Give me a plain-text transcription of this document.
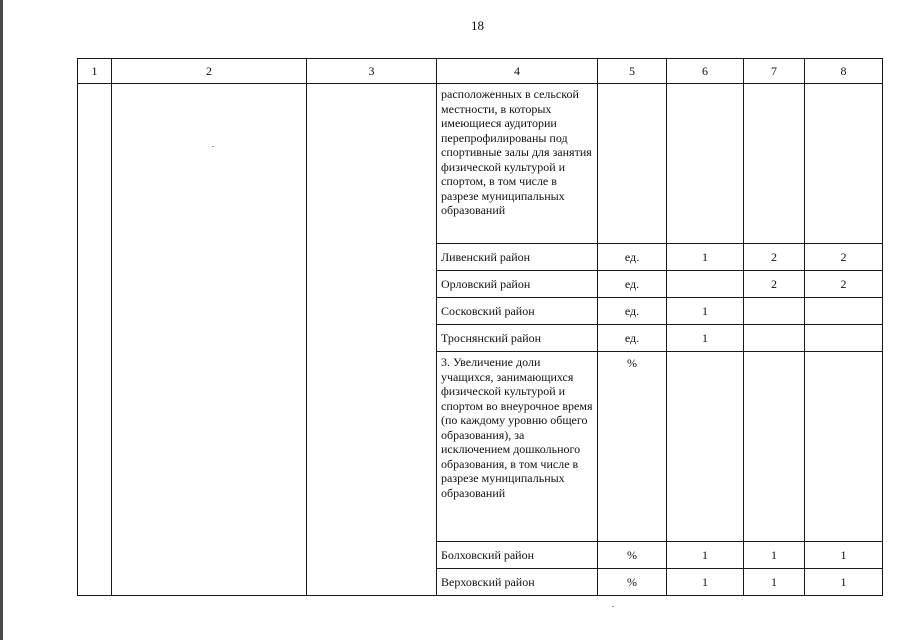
18
1	2	3	4	5	6	7	8
			расположенных в сельской местности, в которых имеющиеся аудитории перепрофилированы под спортивные залы для занятия физической культурой и спортом, в том числе в разрезе муниципальных образований				
			Ливенский район	ед.	1	2	2
			Орловский район	ед.		2	2
			Сосковский район	ед.	1		
			Троснянский район	ед.	1		
			3. Увеличение доли учащихся, занимающихся физической культурой и спортом во внеурочное время (по каждому уровню общего образования), за исключением дошкольного образования, в том числе в разрезе муниципальных образований	%			
			Болховский район	%	1	1	1
			Верховский район	%	1	1	1
